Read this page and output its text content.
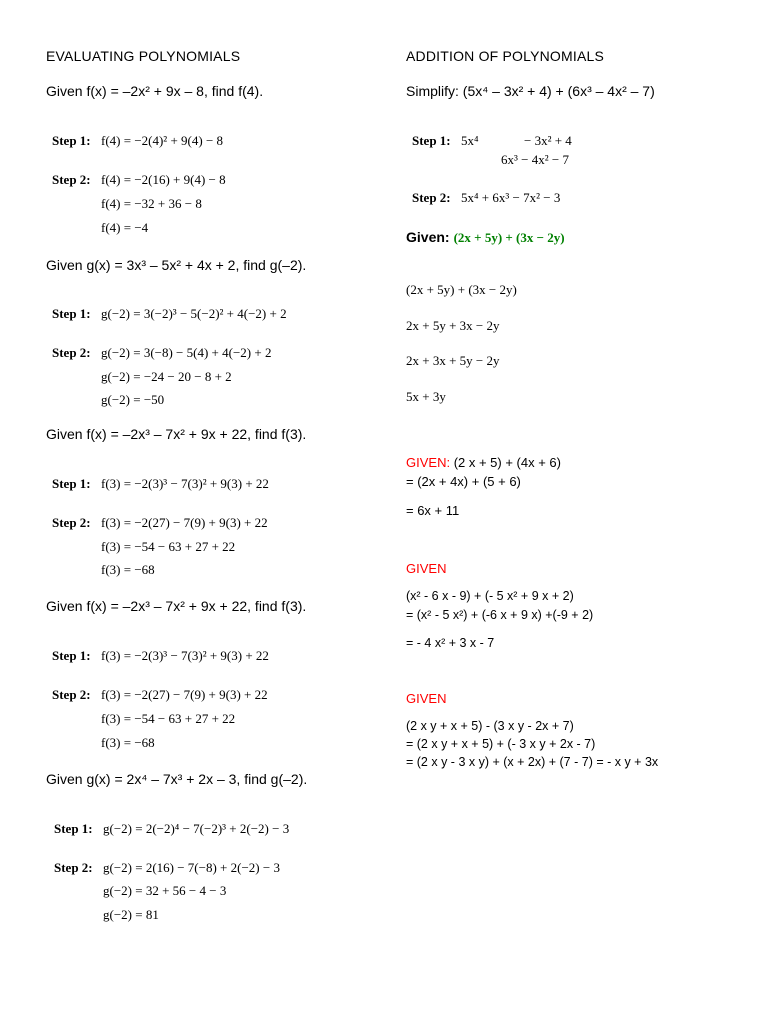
EVALUATING POLYNOMIALS
Given f(x) = –2x² + 9x – 8, find f(4).
Step 1: f(4) = −2(4)² + 9(4) − 8
Step 2: f(4) = −2(16) + 9(4) − 8
f(4) = −32 + 36 − 8
f(4) = −4
Given g(x) = 3x³ – 5x² + 4x + 2, find g(–2).
Step 1: g(−2) = 3(−2)³ − 5(−2)² + 4(−2) + 2
Step 2: g(−2) = 3(−8) − 5(4) + 4(−2) + 2
g(−2) = −24 − 20 − 8 + 2
g(−2) = −50
Given f(x) = –2x³ – 7x² + 9x + 22, find f(3).
Step 1: f(3) = −2(3)³ − 7(3)² + 9(3) + 22
Step 2: f(3) = −2(27) − 7(9) + 9(3) + 22
f(3) = −54 − 63 + 27 + 22
f(3) = −68
Given f(x) = –2x³ – 7x² + 9x + 22, find f(3).
Step 1: f(3) = −2(3)³ − 7(3)² + 9(3) + 22
Step 2: f(3) = −2(27) − 7(9) + 9(3) + 22
f(3) = −54 − 63 + 27 + 22
f(3) = −68
Given g(x) = 2x⁴ – 7x³ + 2x – 3, find g(–2).
Step 1: g(−2) = 2(−2)⁴ − 7(−2)³ + 2(−2) − 3
Step 2: g(−2) = 2(16) − 7(−8) + 2(−2) − 3
g(−2) = 32 + 56 − 4 − 3
g(−2) = 81
ADDITION OF POLYNOMIALS
Simplify: (5x⁴ – 3x² + 4) + (6x³ – 4x² – 7)
Step 1: 5x⁴	− 3x² + 4
6x³ − 4x² − 7
Step 2: 5x⁴ + 6x³ − 7x² − 3
Given: (2x + 5y) + (3x − 2y)
(2x + 5y) + (3x − 2y)
2x + 5y + 3x − 2y
2x + 3x + 5y − 2y
5x + 3y
GIVEN: (2 x + 5) + (4x + 6)
= (2x + 4x) + (5 + 6)
= 6x + 11
GIVEN
(x² - 6 x - 9) + (- 5 x² + 9 x + 2)
= (x² - 5 x²) + (-6 x + 9 x) +(-9 + 2)
= - 4 x² + 3 x - 7
GIVEN
(2 x y + x + 5) - (3 x y - 2x + 7)
= (2 x y + x + 5) + (- 3 x y + 2x - 7)
= (2 x y - 3 x y) + (x + 2x) + (7 - 7) = - x y + 3x
